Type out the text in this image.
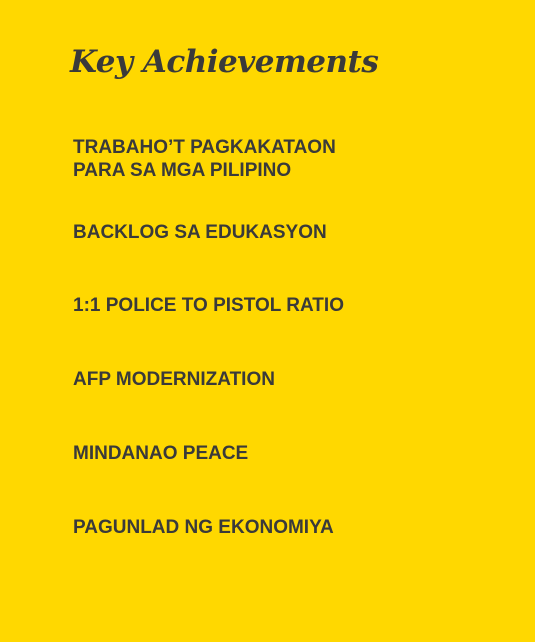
Key Achievements
TRABAHO’T PAGKAKATAON
PARA SA MGA PILIPINO
BACKLOG SA EDUKASYON
1:1 POLICE TO PISTOL RATIO
AFP MODERNIZATION
MINDANAO PEACE
PAGUNLAD NG EKONOMIYA
